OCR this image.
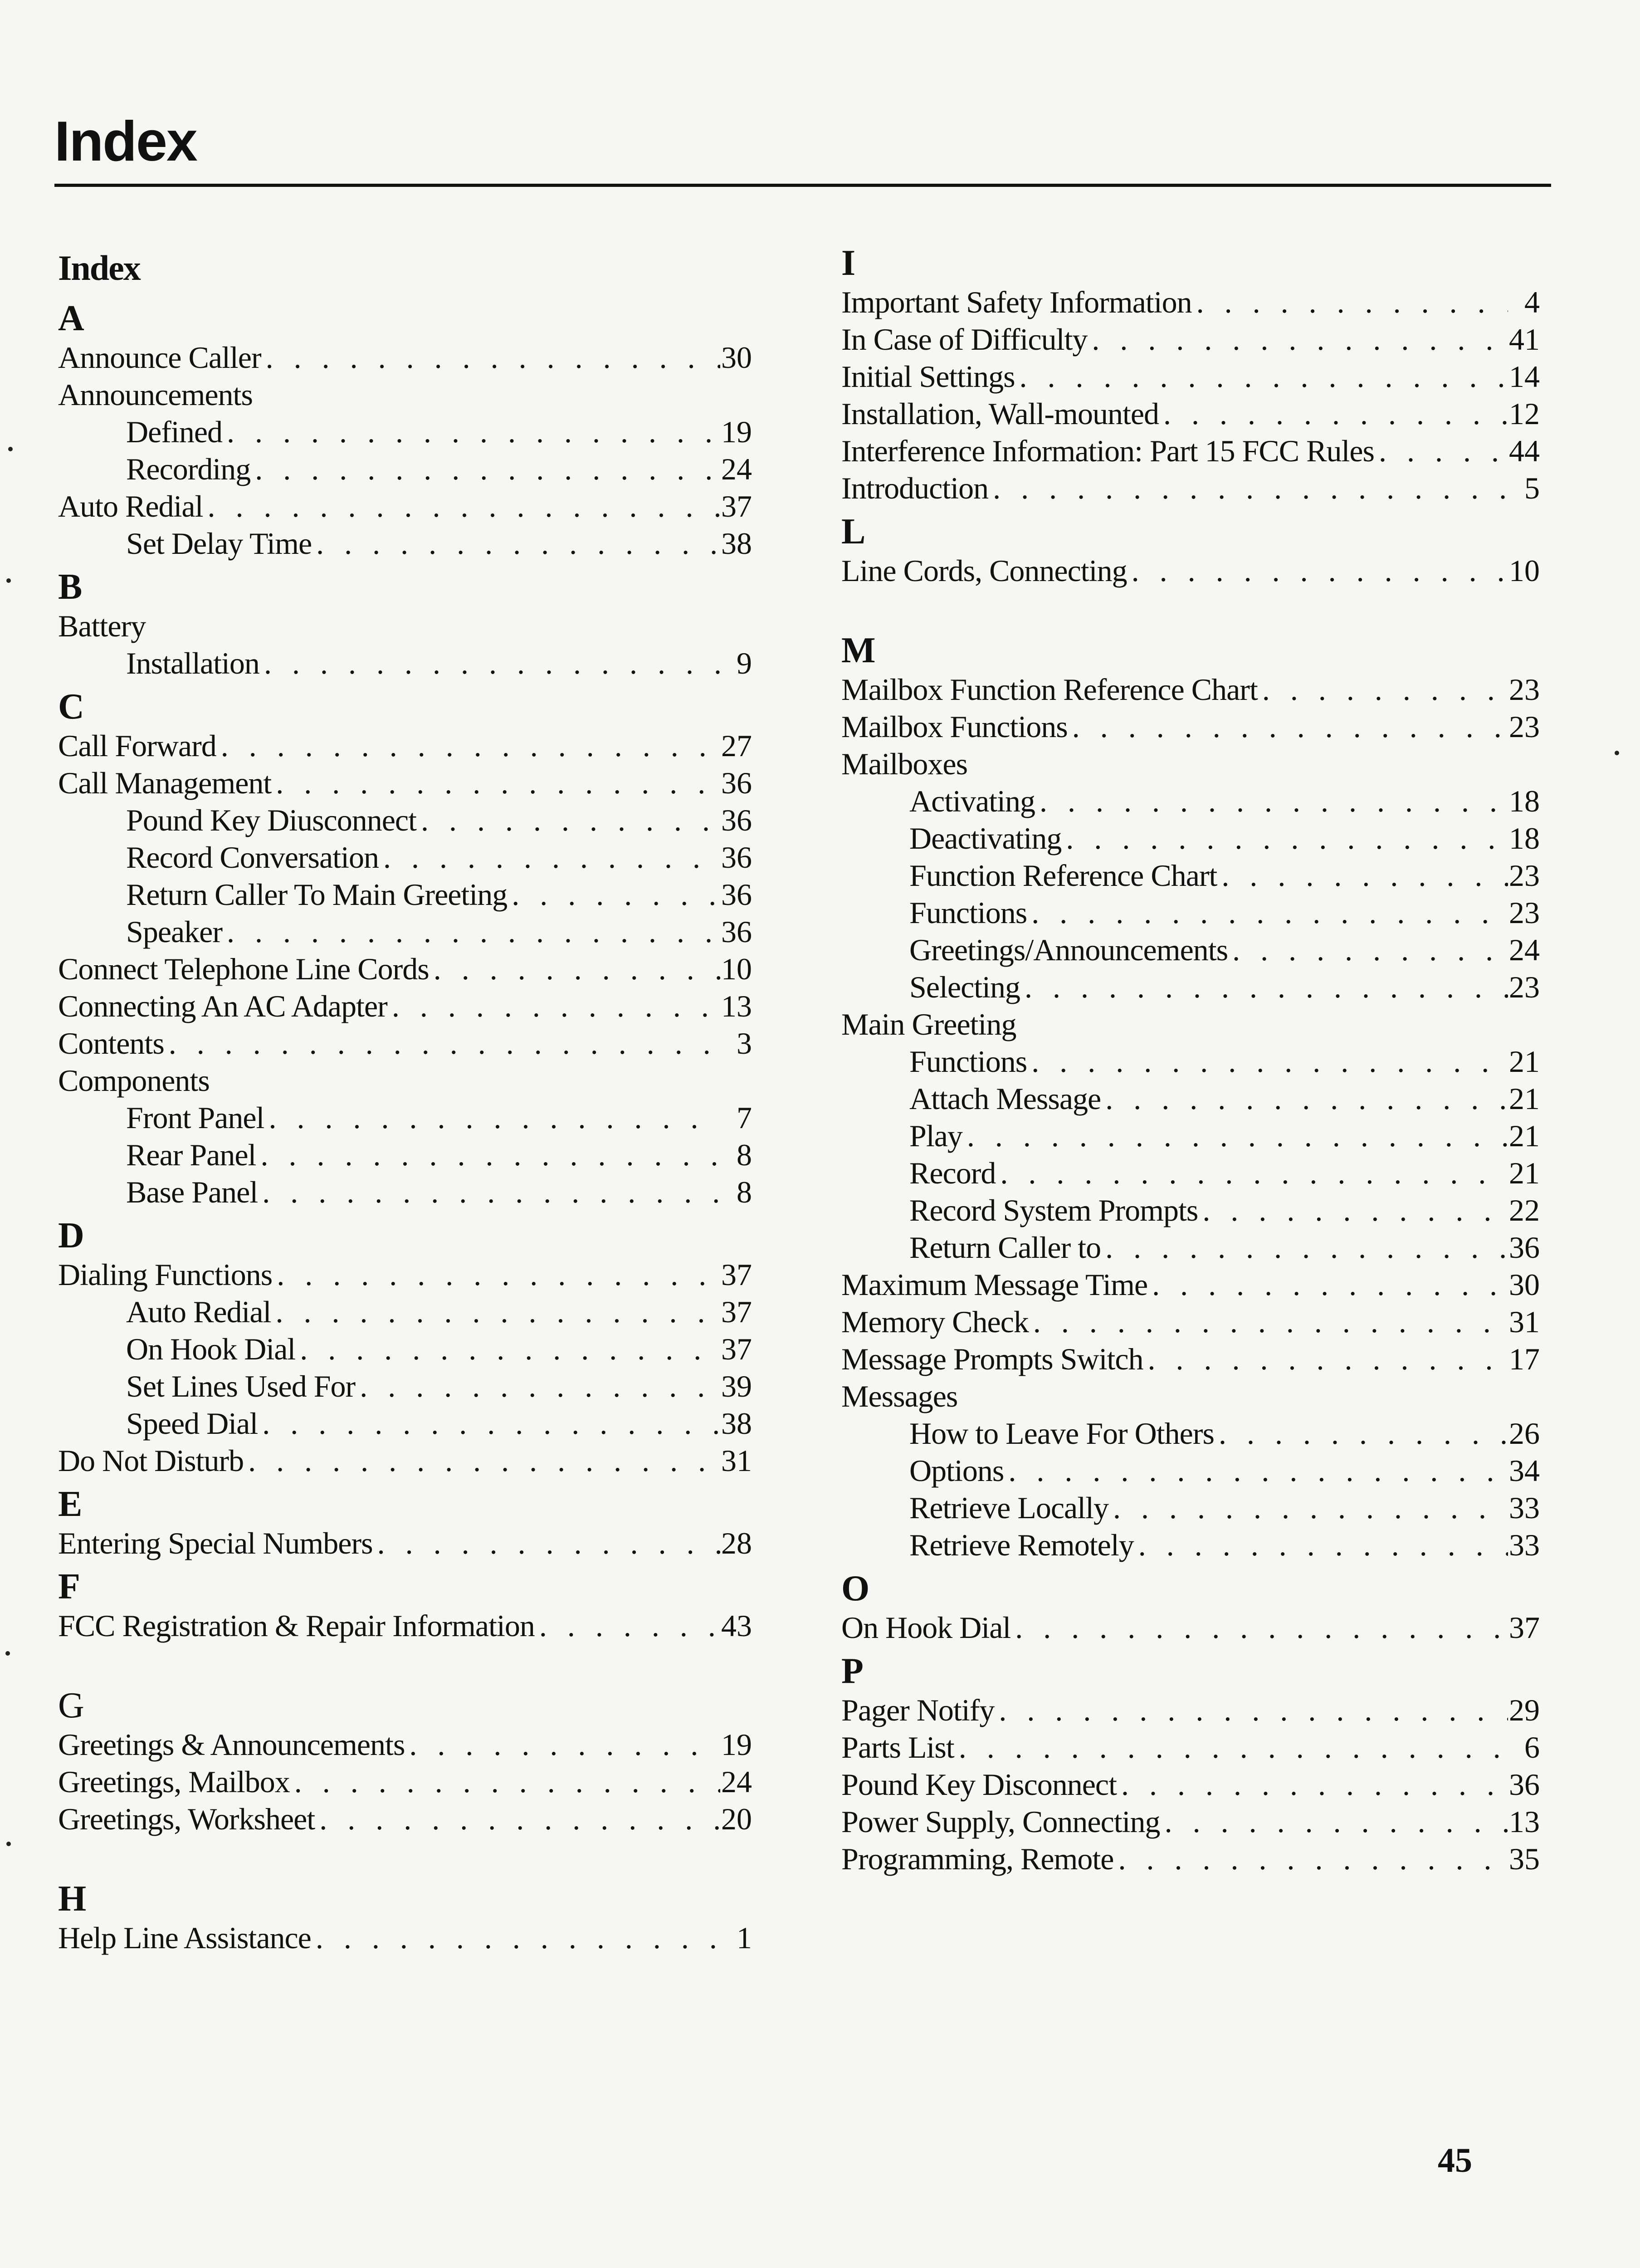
Index
Index
A
Announce Caller . . .	30
Announcements
Defined . . .	19
Recording . . .	24
Auto Redial . . .	37
Set Delay Time . . .	38
B
Battery
Installation . . .	9
C
Call Forward . . .	27
Call Management . . .	36
Pound Key Diusconnect . . .	36
Record Conversation . . .	36
Return Caller To Main Greeting . . .	36
Speaker . . .	36
Connect Telephone Line Cords . . .	10
Connecting An AC Adapter . . .	13
Contents . . .	3
Components
Front Panel . . .	7
Rear Panel . . .	8
Base Panel . . .	8
D
Dialing Functions . . .	37
Auto Redial . . .	37
On Hook Dial . . .	37
Set Lines Used For . . .	39
Speed Dial . . .	38
Do Not Disturb . . .	31
E
Entering Special Numbers . . .	28
F
FCC Registration & Repair Information . . .	43
G
Greetings & Announcements . . .	19
Greetings, Mailbox . . .	24
Greetings, Worksheet . . .	20
H
Help Line Assistance . . .	1
I
Important Safety Information . . .	4
In Case of Difficulty . . .	41
Initial Settings . . .	14
Installation, Wall-mounted . . .	12
Interference Information: Part 15 FCC Rules . . .	44
Introduction . . .	5
L
Line Cords, Connecting . . .	10
M
Mailbox Function Reference Chart . . .	23
Mailbox Functions . . .	23
Mailboxes
Activating . . .	18
Deactivating . . .	18
Function Reference Chart . . .	23
Functions . . .	23
Greetings/Announcements . . .	24
Selecting . . .	23
Main Greeting
Functions . . .	21
Attach Message . . .	21
Play . . .	21
Record . . .	21
Record System Prompts . . .	22
Return Caller to . . .	36
Maximum Message Time . . .	30
Memory Check . . .	31
Message Prompts Switch . . .	17
Messages
How to Leave For Others . . .	26
Options . . .	34
Retrieve Locally . . .	33
Retrieve Remotely . . .	33
O
On Hook Dial . . .	37
P
Pager Notify . . .	29
Parts List . . .	6
Pound Key Disconnect . . .	36
Power Supply, Connecting . . .	13
Programming, Remote . . .	35
45
